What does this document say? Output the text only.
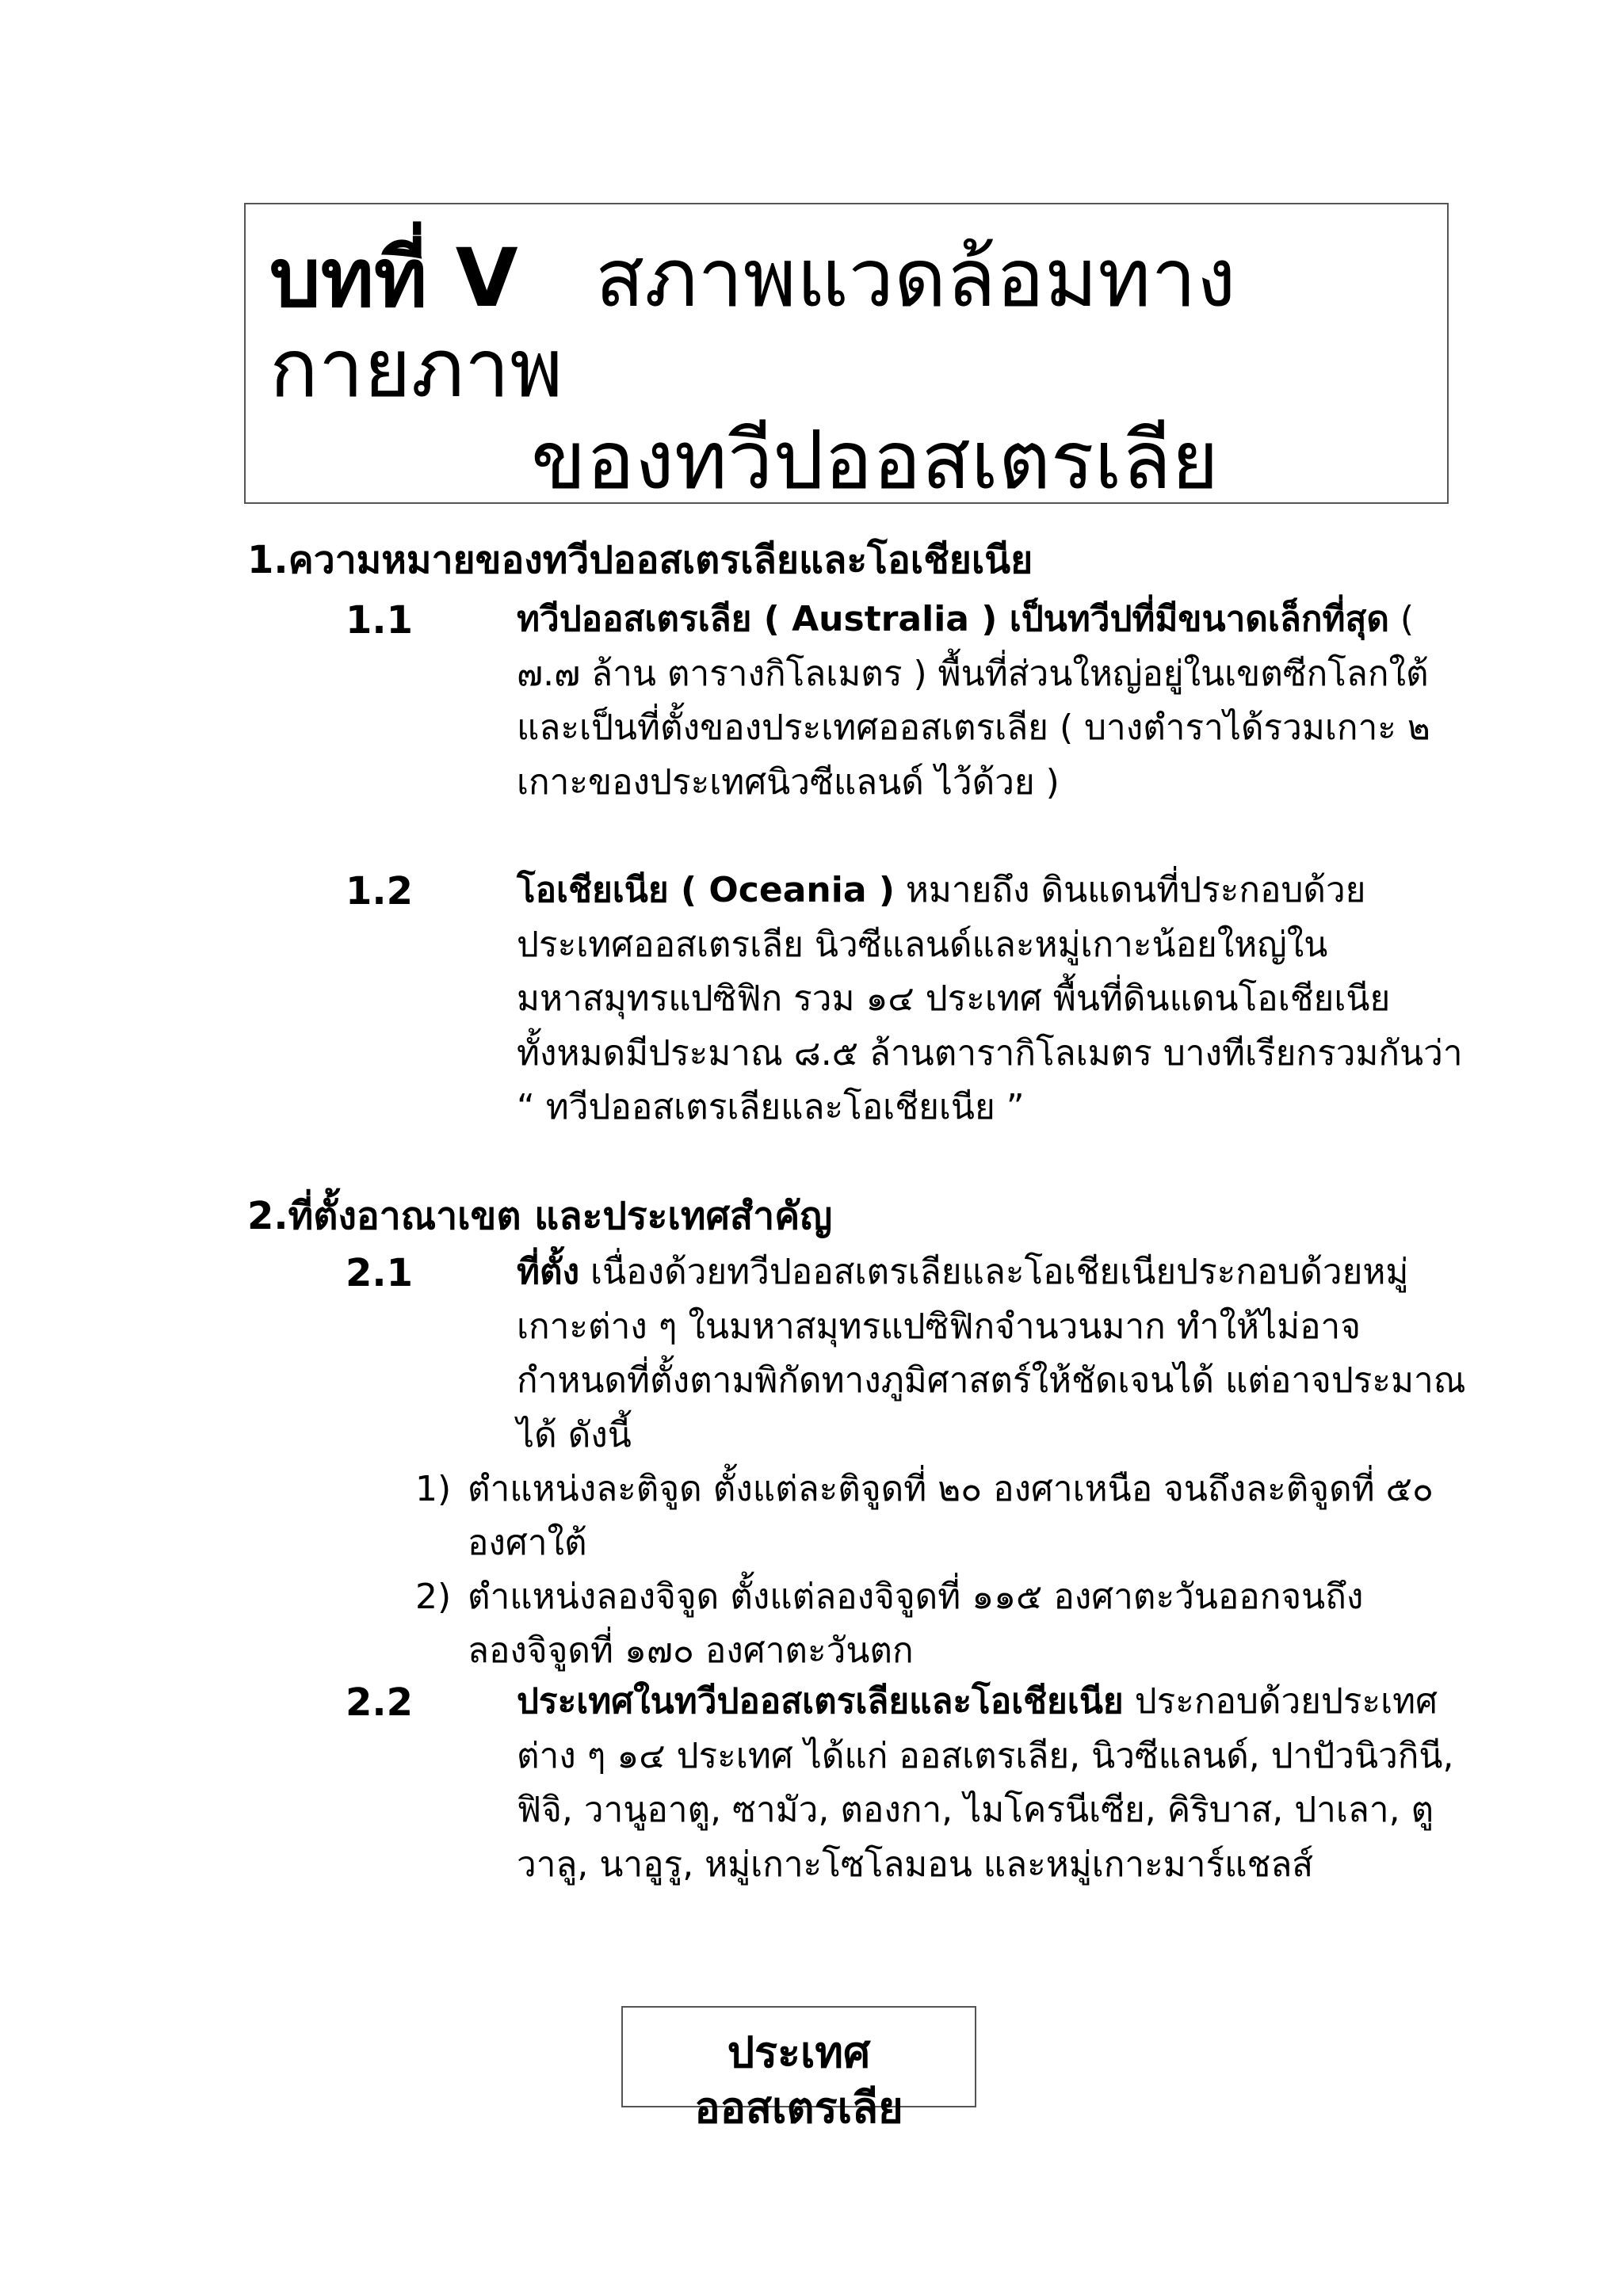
บทที่ V สภาพแวดล้อมทาง
กายภาพ
ของทวีปออสเตรเลีย
1.ความหมายของทวีปออสเตรเลียและโอเชียเนีย
1.1	ทวีปออสเตรเลีย ( Australia ) เป็นทวีปที่มีขนาดเล็กที่สุด ( ๗.๗ ล้าน ตารางกิโลเมตร ) พื้นที่ส่วนใหญ่อยู่ในเขตซีกโลกใต้ และเป็นที่ตั้งของประเทศออสเตรเลีย ( บางตำราได้รวมเกาะ ๒ เกาะของประเทศนิวซีแลนด์ ไว้ด้วย )
1.2	โอเชียเนีย ( Oceania ) หมายถึง ดินแดนที่ประกอบด้วยประเทศออสเตรเลีย นิวซีแลนด์และหมู่เกาะน้อยใหญ่ในมหาสมุทรแปซิฟิก รวม ๑๔ ประเทศ พื้นที่ดินแดนโอเชียเนียทั้งหมดมีประมาณ ๘.๕ ล้านตารากิโลเมตร บางทีเรียกรวมกันว่า “ ทวีปออสเตรเลียและโอเชียเนีย ”
2.ที่ตั้งอาณาเขต และประเทศสำคัญ
2.1	ที่ตั้ง เนื่องด้วยทวีปออสเตรเลียและโอเชียเนียประกอบด้วยหมู่เกาะต่าง ๆ ในมหาสมุทรแปซิฟิกจำนวนมาก ทำให้ไม่อาจกำหนดที่ตั้งตามพิกัดทางภูมิศาสตร์ให้ชัดเจนได้ แต่อาจประมาณได้ ดังนี้
1) ตำแหน่งละติจูด ตั้งแต่ละติจูดที่ ๒๐ องศาเหนือ จนถึงละติจูดที่ ๕๐ องศาใต้
2) ตำแหน่งลองจิจูด ตั้งแต่ลองจิจูดที่ ๑๑๕ องศาตะวันออกจนถึงลองจิจูดที่ ๑๗๐ องศาตะวันตก
2.2	ประเทศในทวีปออสเตรเลียและโอเชียเนีย ประกอบด้วยประเทศต่าง ๆ ๑๔ ประเทศ ได้แก่ ออสเตรเลีย, นิวซีแลนด์, ปาปัวนิวกินี, ฟิจิ, วานูอาตู, ซามัว, ตองกา, ไมโครนีเซีย, คิริบาส, ปาเลา, ตูวาลู, นาอูรู, หมู่เกาะโซโลมอน และหมู่เกาะมาร์แชลส์
ประเทศ
ออสเตรเลีย
